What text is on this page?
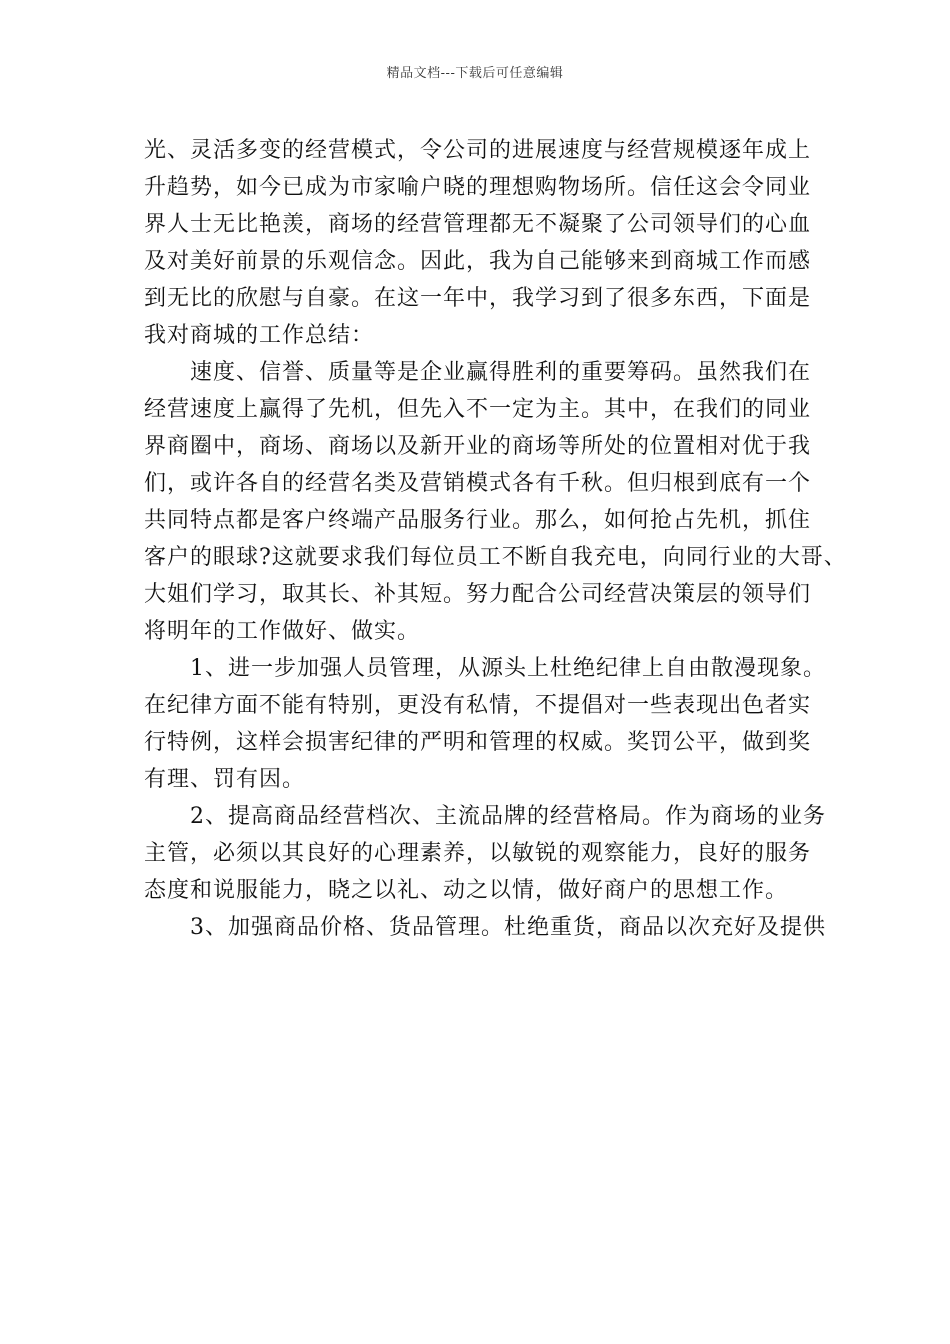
精品文档---下载后可任意编辑
光、灵活多变的经营模式，令公司的进展速度与经营规模逐年成上
升趋势，如今已成为市家喻户晓的理想购物场所。信任这会令同业
界人士无比艳羡，商场的经营管理都无不凝聚了公司领导们的心血
及对美好前景的乐观信念。因此，我为自己能够来到商城工作而感
到无比的欣慰与自豪。在这一年中，我学习到了很多东西，下面是
我对商城的工作总结：
速度、信誉、质量等是企业赢得胜利的重要筹码。虽然我们在
经营速度上赢得了先机，但先入不一定为主。其中，在我们的同业
界商圈中，商场、商场以及新开业的商场等所处的位置相对优于我
们，或许各自的经营名类及营销模式各有千秋。但归根到底有一个
共同特点都是客户终端产品服务行业。那么，如何抢占先机，抓住
客户的眼球?这就要求我们每位员工不断自我充电，向同行业的大哥、
大姐们学习，取其长、补其短。努力配合公司经营决策层的领导们
将明年的工作做好、做实。
1、进一步加强人员管理，从源头上杜绝纪律上自由散漫现象。
在纪律方面不能有特别，更没有私情，不提倡对一些表现出色者实
行特例，这样会损害纪律的严明和管理的权威。奖罚公平，做到奖
有理、罚有因。
2、提高商品经营档次、主流品牌的经营格局。作为商场的业务
主管，必须以其良好的心理素养，以敏锐的观察能力，良好的服务
态度和说服能力，晓之以礼、动之以情，做好商户的思想工作。
3、加强商品价格、货品管理。杜绝重货，商品以次充好及提供
